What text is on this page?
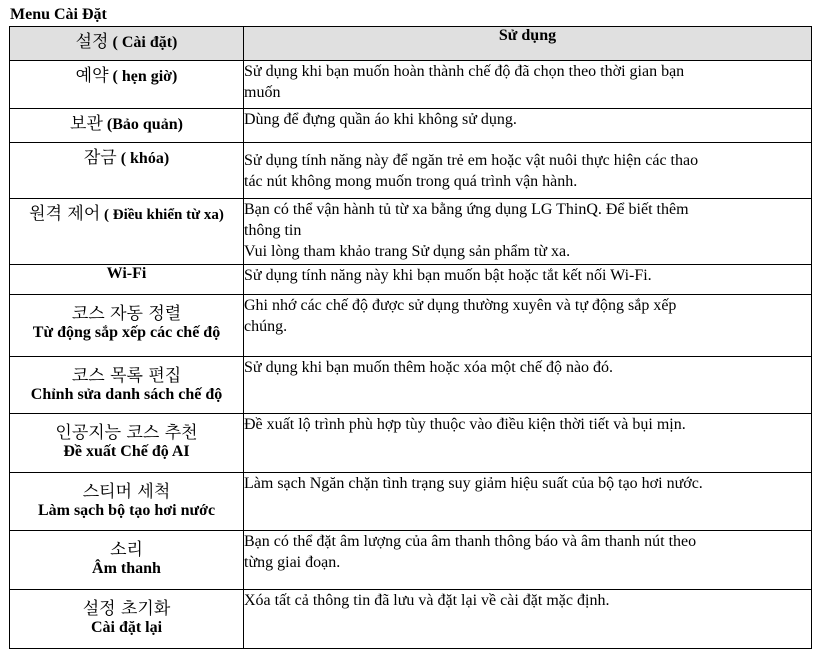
Menu Cài Đặt
설정 ( Cài đặt)	Sử dụng

예약 ( hẹn giờ)	Sử dụng khi bạn muốn hoàn thành chế độ đã chọn theo thời gian bạn
muốn

보관 (Bảo quản)	Dùng để đựng quần áo khi không sử dụng.

잠금 ( khóa)	Sử dụng tính năng này để ngăn trẻ em hoặc vật nuôi thực hiện các thao
tác nút không mong muốn trong quá trình vận hành.

원격 제어 ( Điều khiển từ xa)	Bạn có thể vận hành tủ từ xa bằng ứng dụng LG ThinQ. Để biết thêm
thông tin
Vui lòng tham khảo trang Sử dụng sản phẩm từ xa.

Wi-Fi	Sử dụng tính năng này khi bạn muốn bật hoặc tắt kết nối Wi-Fi.

코스 자동 정렬
Từ động sắp xếp các chế độ	Ghi nhớ các chế độ được sử dụng thường xuyên và tự động sắp xếp
chúng.

코스 목록 편집
Chỉnh sửa danh sách chế độ	Sử dụng khi bạn muốn thêm hoặc xóa một chế độ nào đó.

인공지능 코스 추천
Đề xuất Chế độ AI	Đề xuất lộ trình phù hợp tùy thuộc vào điều kiện thời tiết và bụi mịn.

스티머 세척
Làm sạch bộ tạo hơi nước	Làm sạch Ngăn chặn tình trạng suy giảm hiệu suất của bộ tạo hơi nước.

소리
Âm thanh	Bạn có thể đặt âm lượng của âm thanh thông báo và âm thanh nút theo
từng giai đoạn.

설정 초기화
Cài đặt lại	Xóa tất cả thông tin đã lưu và đặt lại về cài đặt mặc định.
